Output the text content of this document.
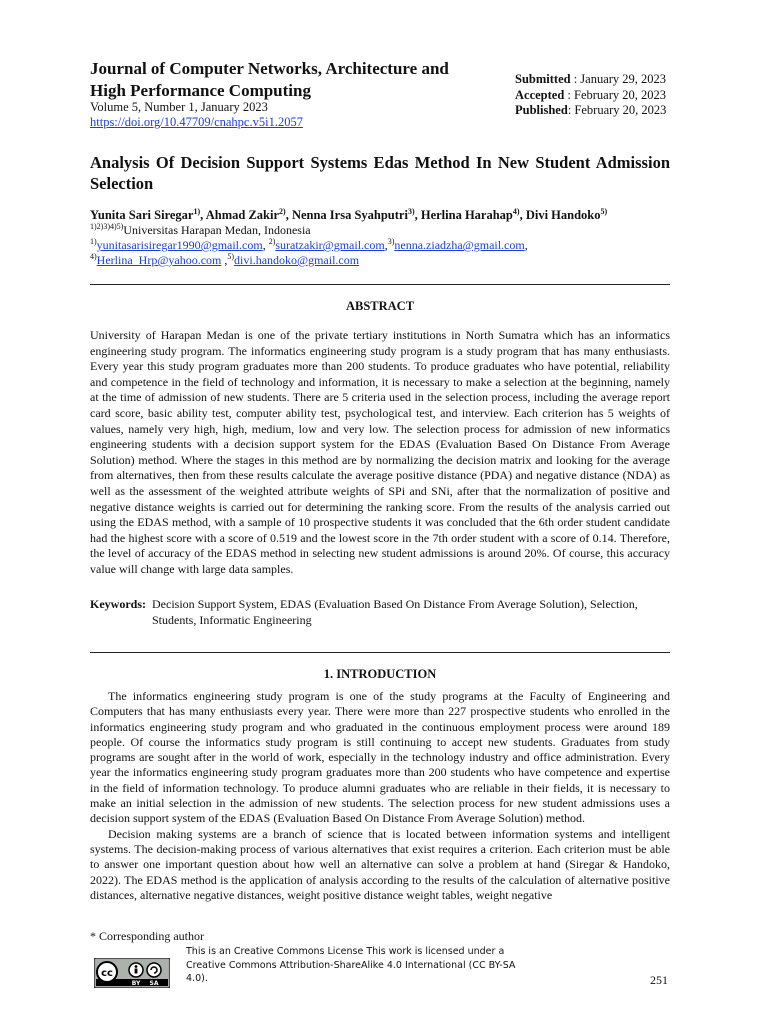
Journal of Computer Networks, Architecture and
High Performance Computing
Volume 5, Number 1, January 2023
https://doi.org/10.47709/cnahpc.v5i1.2057
Submitted : January 29, 2023
Accepted : February 20, 2023
Published: February 20, 2023
Analysis Of Decision Support Systems Edas Method In New Student Admission Selection
Yunita Sari Siregar$^{1)}$, Ahmad Zakir$^{2)}$, Nenna Irsa Syahputri$^{3)}$, Herlina Harahap$^{4)}$, Divi Handoko$^{5)}$
$^{1)2)3)4)5)}$Universitas Harapan Medan, Indonesia
$^{1)}$yunitasarisiregar1990@gmail.com, $^{2)}$suratzakir@gmail.com,$^{3)}$nenna.ziadzha@gmail.com,
$^{4)}$Herlina_Hrp@yahoo.com ,$^{5)}$divi.handoko@gmail.com
ABSTRACT
University of Harapan Medan is one of the private tertiary institutions in North Sumatra which has an informatics engineering study program. The informatics engineering study program is a study program that has many enthusiasts. Every year this study program graduates more than 200 students. To produce graduates who have potential, reliability and competence in the field of technology and information, it is necessary to make a selection at the beginning, namely at the time of admission of new students. There are 5 criteria used in the selection process, including the average report card score, basic ability test, computer ability test, psychological test, and interview. Each criterion has 5 weights of values, namely very high, high, medium, low and very low. The selection process for admission of new informatics engineering students with a decision support system for the EDAS (Evaluation Based On Distance From Average Solution) method. Where the stages in this method are by normalizing the decision matrix and looking for the average from alternatives, then from these results calculate the average positive distance (PDA) and negative distance (NDA) as well as the assessment of the weighted attribute weights of SPi and SNi, after that the normalization of positive and negative distance weights is carried out for determining the ranking score. From the results of the analysis carried out using the EDAS method, with a sample of 10 prospective students it was concluded that the 6th order student candidate had the highest score with a score of 0.519 and the lowest score in the 7th order student with a score of 0.14. Therefore, the level of accuracy of the EDAS method in selecting new student admissions is around 20%. Of course, this accuracy value will change with large data samples.
Keywords: Decision Support System, EDAS (Evaluation Based On Distance From Average Solution), Selection, Students, Informatic Engineering
1. INTRODUCTION

The informatics engineering study program is one of the study programs at the Faculty of Engineering and Computers that has many enthusiasts every year. There were more than 227 prospective students who enrolled in the informatics engineering study program and who graduated in the continuous employment process were around 189 people. Of course the informatics study program is still continuing to accept new students. Graduates from study programs are sought after in the world of work, especially in the technology industry and office administration. Every year the informatics engineering study program graduates more than 200 students who have competence and expertise in the field of information technology. To produce alumni graduates who are reliable in their fields, it is necessary to make an initial selection in the admission of new students. The selection process for new student admissions uses a decision support system of the EDAS (Evaluation Based On Distance From Average Solution) method.

Decision making systems are a branch of science that is located between information systems and intelligent systems. The decision-making process of various alternatives that exist requires a criterion. Each criterion must be able to answer one important question about how well an alternative can solve a problem at hand (Siregar & Handoko, 2022). The EDAS method is the application of analysis according to the results of the calculation of alternative positive distances, alternative negative distances, weight positive distance weight tables, weight negative

* Corresponding author
cc
BY SA
This is an Creative Commons License This work is licensed under a Creative Commons Attribution-ShareAlike 4.0 International (CC BY-SA 4.0).	251
